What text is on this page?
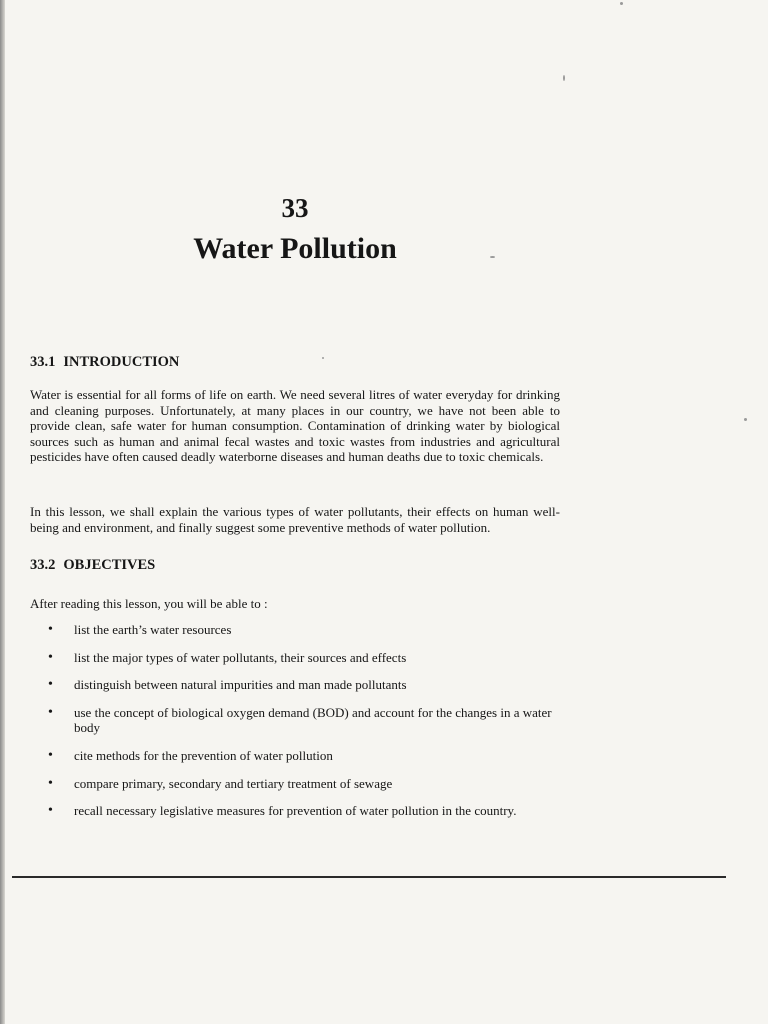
33
Water Pollution
33.1 INTRODUCTION

Water is essential for all forms of life on earth. We need several litres of water everyday for drinking and cleaning purposes. Unfortunately, at many places in our country, we have not been able to provide clean, safe water for human consumption. Contamination of drinking water by biological sources such as human and animal fecal wastes and toxic wastes from industries and agricultural pesticides have often caused deadly waterborne diseases and human deaths due to toxic chemicals.

In this lesson, we shall explain the various types of water pollutants, their effects on human well-being and environment, and finally suggest some preventive methods of water pollution.

33.2 OBJECTIVES
After reading this lesson, you will be able to :
• list the earth’s water resources
• list the major types of water pollutants, their sources and effects
• distinguish between natural impurities and man made pollutants
• use the concept of biological oxygen demand (BOD) and account for the changes in a water body
• cite methods for the prevention of water pollution
• compare primary, secondary and tertiary treatment of sewage
• recall necessary legislative measures for prevention of water pollution in the country.
